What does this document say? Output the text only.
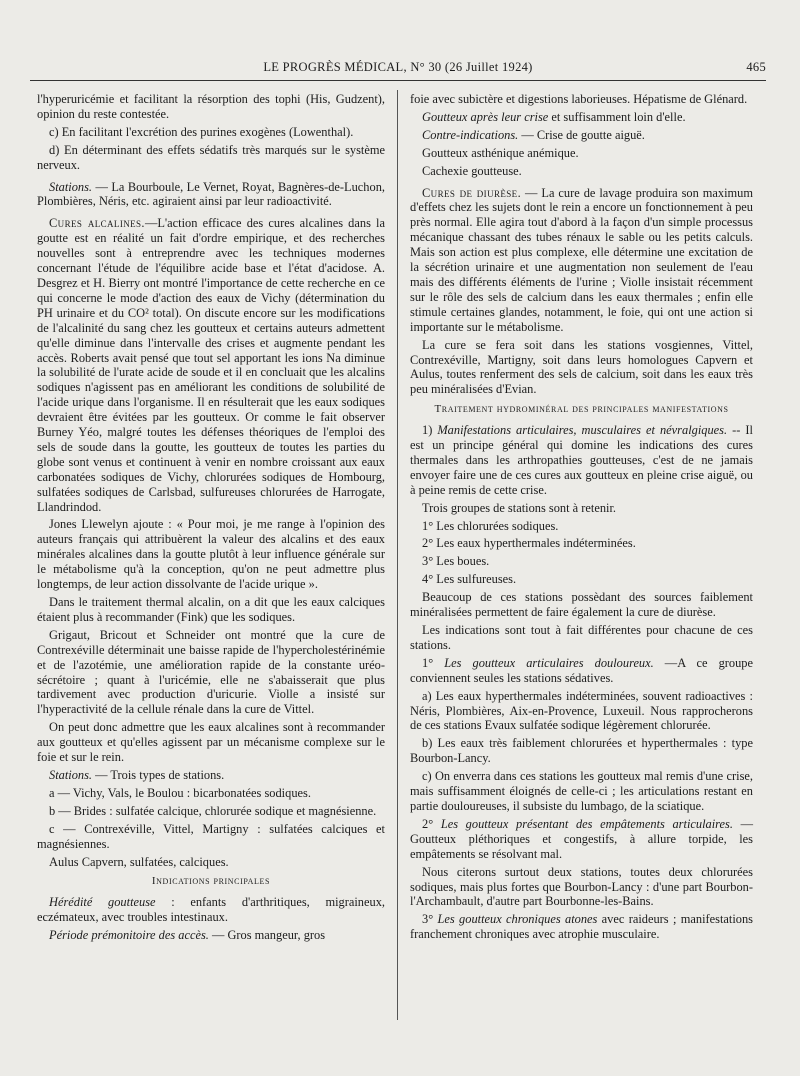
LE PROGRÈS MÉDICAL, N° 30 (26 Juillet 1924)	465

l'hyperuricémie et facilitant la résorption des tophi (His, Gudzent), opinion du reste contestée.

c) En facilitant l'excrétion des purines exogènes (Lowenthal).

d) En déterminant des effets sédatifs très marqués sur le système nerveux.

Stations. — La Bourboule, Le Vernet, Royat, Bagnères-de-Luchon, Plombières, Néris, etc. agiraient ainsi par leur radioactivité.

Cures alcalines.—L'action efficace des cures alcalines dans la goutte est en réalité un fait d'ordre empirique, et des recherches nouvelles sont à entreprendre avec les techniques modernes concernant l'étude de l'équilibre acide base et l'état d'acidose. A. Desgrez et H. Bierry ont montré l'importance de cette recherche en ce qui concerne le mode d'action des eaux de Vichy (détermination du PH urinaire et du CO² total). On discute encore sur les modifications de l'alcalinité du sang chez les goutteux et certains auteurs admettent qu'elle diminue dans l'intervalle des crises et augmente pendant les accès. Roberts avait pensé que tout sel apportant les ions Na diminue la solubilité de l'urate acide de soude et il en concluait que les alcalins sodiques n'agissent pas en améliorant les conditions de solubilité de l'acide urique dans l'organisme. Il en résulterait que les eaux sodiques devraient être évitées par les goutteux. Or comme le fait observer Burney Yéo, malgré toutes les défenses théoriques de l'emploi des sels de soude dans la goutte, les goutteux de toutes les parties du globe sont venus et continuent à venir en nombre croissant aux eaux carbonatées sodiques de Vichy, chlorurées sodiques de Hombourg, sulfatées sodiques de Carlsbad, sulfureuses chlorurées de Harrogate, Llandrindod.

Jones Llewelyn ajoute : « Pour moi, je me range à l'opinion des auteurs français qui attribuèrent la valeur des alcalins et des eaux minérales alcalines dans la goutte plutôt à leur influence générale sur le métabolisme qu'à la conception, qu'on ne peut admettre plus longtemps, de leur action dissolvante de l'acide urique ».

Dans le traitement thermal alcalin, on a dit que les eaux calciques étaient plus à recommander (Fink) que les sodiques.

Grigaut, Bricout et Schneider ont montré que la cure de Contrexéville déterminait une baisse rapide de l'hypercholestérinémie et de l'azotémie, une amélioration rapide de la constante uréo-sécrétoire ; quant à l'uricémie, elle ne s'abaisserait que plus tardivement avec production d'uricurie. Violle a insisté sur l'hyperactivité de la cellule rénale dans la cure de Vittel.

On peut donc admettre que les eaux alcalines sont à recommander aux goutteux et qu'elles agissent par un mécanisme complexe sur le foie et sur le rein.

Stations. — Trois types de stations.

a — Vichy, Vals, le Boulou : bicarbonatées sodiques.

b — Brides : sulfatée calcique, chlorurée sodique et magnésienne.

c — Contrexéville, Vittel, Martigny : sulfatées calciques et magnésiennes.

Aulus Capvern, sulfatées, calciques.

Indications principales

Hérédité goutteuse : enfants d'arthritiques, migraineux, eczémateux, avec troubles intestinaux.

Période prémonitoire des accès. — Gros mangeur, gros

foie avec subictère et digestions laborieuses. Hépatisme de Glénard.

Goutteux après leur crise et suffisamment loin d'elle.

Contre-indications. — Crise de goutte aiguë.

Goutteux asthénique anémique.

Cachexie goutteuse.

Cures de diurèse. — La cure de lavage produira son maximum d'effets chez les sujets dont le rein a encore un fonctionnement à peu près normal. Elle agira tout d'abord à la façon d'un simple processus mécanique chassant des tubes rénaux le sable ou les petits calculs. Mais son action est plus complexe, elle détermine une excitation de la sécrétion urinaire et une augmentation non seulement de l'eau mais des différents éléments de l'urine ; Violle insistait récemment sur le rôle des sels de calcium dans les eaux thermales ; enfin elle stimule certaines glandes, notamment, le foie, qui ont une action si importante sur le métabolisme.

La cure se fera soit dans les stations vosgiennes, Vittel, Contrexéville, Martigny, soit dans leurs homologues Capvern et Aulus, toutes renferment des sels de calcium, soit dans les eaux très peu minéralisées d'Evian.

Traitement hydrominéral des principales manifestations

1) Manifestations articulaires, musculaires et névralgiques. -- Il est un principe général qui domine les indications des cures thermales dans les arthropathies goutteuses, c'est de ne jamais envoyer faire une de ces cures aux goutteux en pleine crise aiguë, ou à peine remis de cette crise.

Trois groupes de stations sont à retenir.

1° Les chlorurées sodiques.

2° Les eaux hyperthermales indéterminées.

3° Les boues.

4° Les sulfureuses.

Beaucoup de ces stations possèdant des sources faiblement minéralisées permettent de faire également la cure de diurèse.

Les indications sont tout à fait différentes pour chacune de ces stations.

1° Les goutteux articulaires douloureux. —A ce groupe conviennent seules les stations sédatives.

a) Les eaux hyperthermales indéterminées, souvent radioactives : Néris, Plombières, Aix-en-Provence, Luxeuil. Nous rapprocherons de ces stations Evaux sulfatée sodique légèrement chlorurée.

b) Les eaux très faiblement chlorurées et hyperthermales : type Bourbon-Lancy.

c) On enverra dans ces stations les goutteux mal remis d'une crise, mais suffisamment éloignés de celle-ci ; les articulations restant en partie douloureuses, il subsiste du lumbago, de la sciatique.

2° Les goutteux présentant des empâtements articulaires. — Goutteux pléthoriques et congestifs, à allure torpide, les empâtements se résolvant mal.

Nous citerons surtout deux stations, toutes deux chlorurées sodiques, mais plus fortes que Bourbon-Lancy : d'une part Bourbon-l'Archambault, d'autre part Bourbonne-les-Bains.

3° Les goutteux chroniques atones avec raideurs ; manifestations franchement chroniques avec atrophie musculaire.
